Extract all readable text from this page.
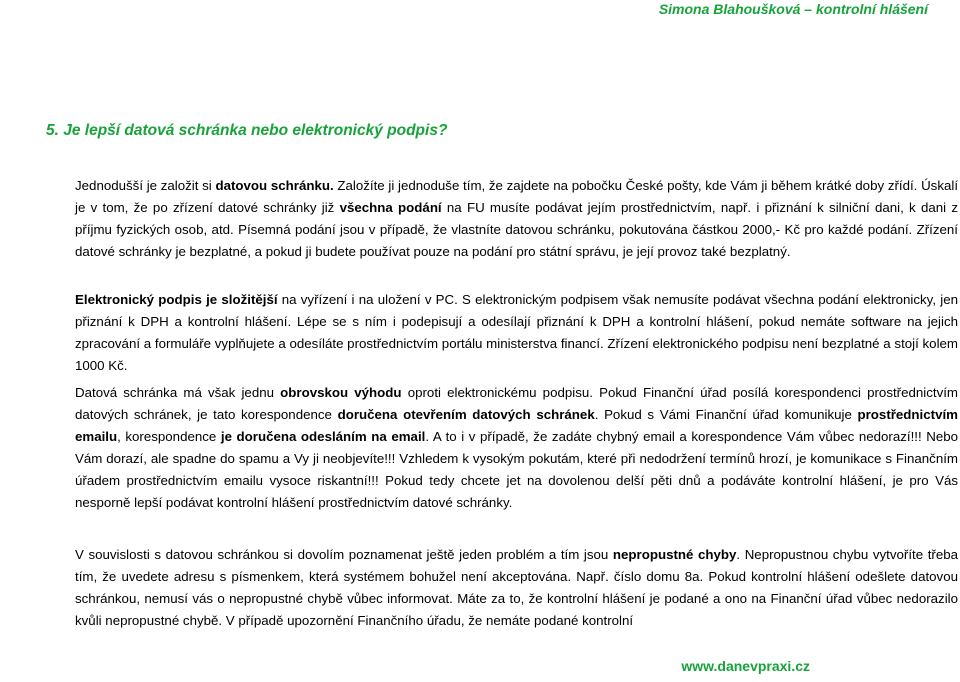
Simona Blahoušková – kontrolní hlášení
5. Je lepší datová schránka nebo elektronický podpis?

Jednodušší je založit si datovou schránku. Založíte ji jednoduše tím, že zajdete na pobočku České pošty, kde Vám ji během krátké doby zřídí. Úskalí je v tom, že po zřízení datové schránky již všechna podání na FU musíte podávat jejím prostřednictvím, např. i přiznání k silniční dani, k dani z příjmu fyzických osob, atd. Písemná podání jsou v případě, že vlastníte datovou schránku, pokutována částkou 2000,- Kč pro každé podání. Zřízení datové schránky je bezplatné, a pokud ji budete používat pouze na podání pro státní správu, je její provoz také bezplatný.

Elektronický podpis je složitější na vyřízení i na uložení v PC. S elektronickým podpisem však nemusíte podávat všechna podání elektronicky, jen přiznání k DPH a kontrolní hlášení. Lépe se s ním i podepisují a odesílají přiznání k DPH a kontrolní hlášení, pokud nemáte software na jejich zpracování a formuláře vyplňujete a odesíláte prostřednictvím portálu ministerstva financí. Zřízení elektronického podpisu není bezplatné a stojí kolem 1000 Kč.

Datová schránka má však jednu obrovskou výhodu oproti elektronickému podpisu. Pokud Finanční úřad posílá korespondenci prostřednictvím datových schránek, je tato korespondence doručena otevřením datových schránek. Pokud s Vámi Finanční úřad komunikuje prostřednictvím emailu, korespondence je doručena odesláním na email. A to i v případě, že zadáte chybný email a korespondence Vám vůbec nedorazí!!! Nebo Vám dorazí, ale spadne do spamu a Vy ji neobjevíte!!! Vzhledem k vysokým pokutám, které při nedodržení termínů hrozí, je komunikace s Finančním úřadem prostřednictvím emailu vysoce riskantní!!! Pokud tedy chcete jet na dovolenou delší pěti dnů a podáváte kontrolní hlášení, je pro Vás nesporně lepší podávat kontrolní hlášení prostřednictvím datové schránky.

V souvislosti s datovou schránkou si dovolím poznamenat ještě jeden problém a tím jsou nepropustné chyby. Nepropustnou chybu vytvoříte třeba tím, že uvedete adresu s písmenkem, která systémem bohužel není akceptována. Např. číslo domu 8a. Pokud kontrolní hlášení odešlete datovou schránkou, nemusí vás o nepropustné chybě vůbec informovat. Máte za to, že kontrolní hlášení je podané a ono na Finanční úřad vůbec nedorazilo kvůli nepropustné chybě. V případě upozornění Finančního úřadu, že nemáte podané kontrolní

www.danevpraxi.cz
